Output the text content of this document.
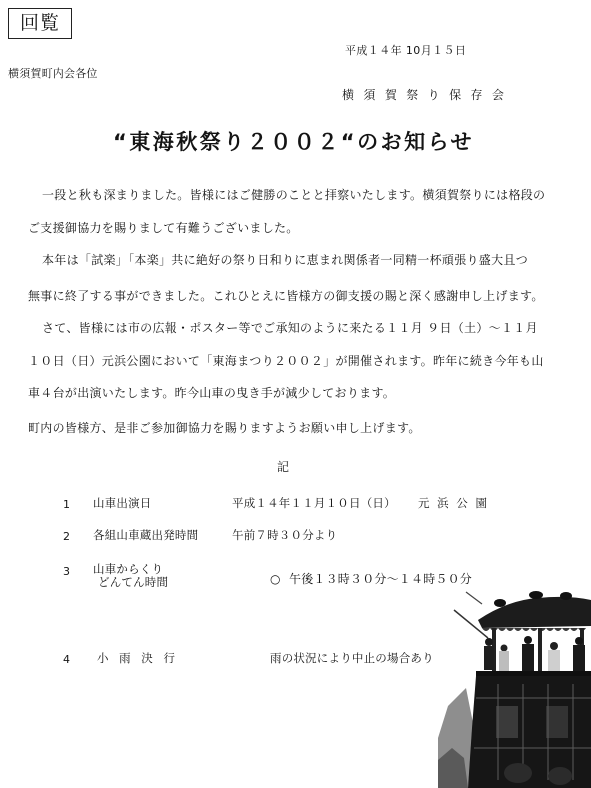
回覧
平成１４年 10月１５日
横須賀町内会各位
横 須 賀 祭 り 保 存 会
“東海秋祭り２００２“のお知らせ
一段と秋も深まりました。皆様にはご健勝のことと拝察いたします。横須賀祭りには格段の
ご支援御協力を賜りまして有難うございました。
本年は「試楽」「本楽」共に絶好の祭り日和りに恵まれ関係者一同精一杯頑張り盛大且つ
無事に終了する事ができました。これひとえに皆様方の御支援の賜と深く感謝申し上げます。
さて、皆様には市の広報・ポスター等でご承知のように来たる１１月 ９日（土）～１１月
１０日（日）元浜公園において「東海まつり２００２」が開催されます。昨年に続き今年も山
車４台が出演いたします。昨今山車の曳き手が減少しております。
町内の皆様方、是非ご参加御協力を賜りますようお願い申し上げます。
記
1 山車出演日	平成１４年１１月１０日（日） 元 浜 公 園
2 各組山車蔵出発時間	午前７時３０分より
3 山車からくり
どんてん時間	○ 午後１３時３０分～１４時５０分
4 小 雨 決 行	雨の状況により中止の場合あり
